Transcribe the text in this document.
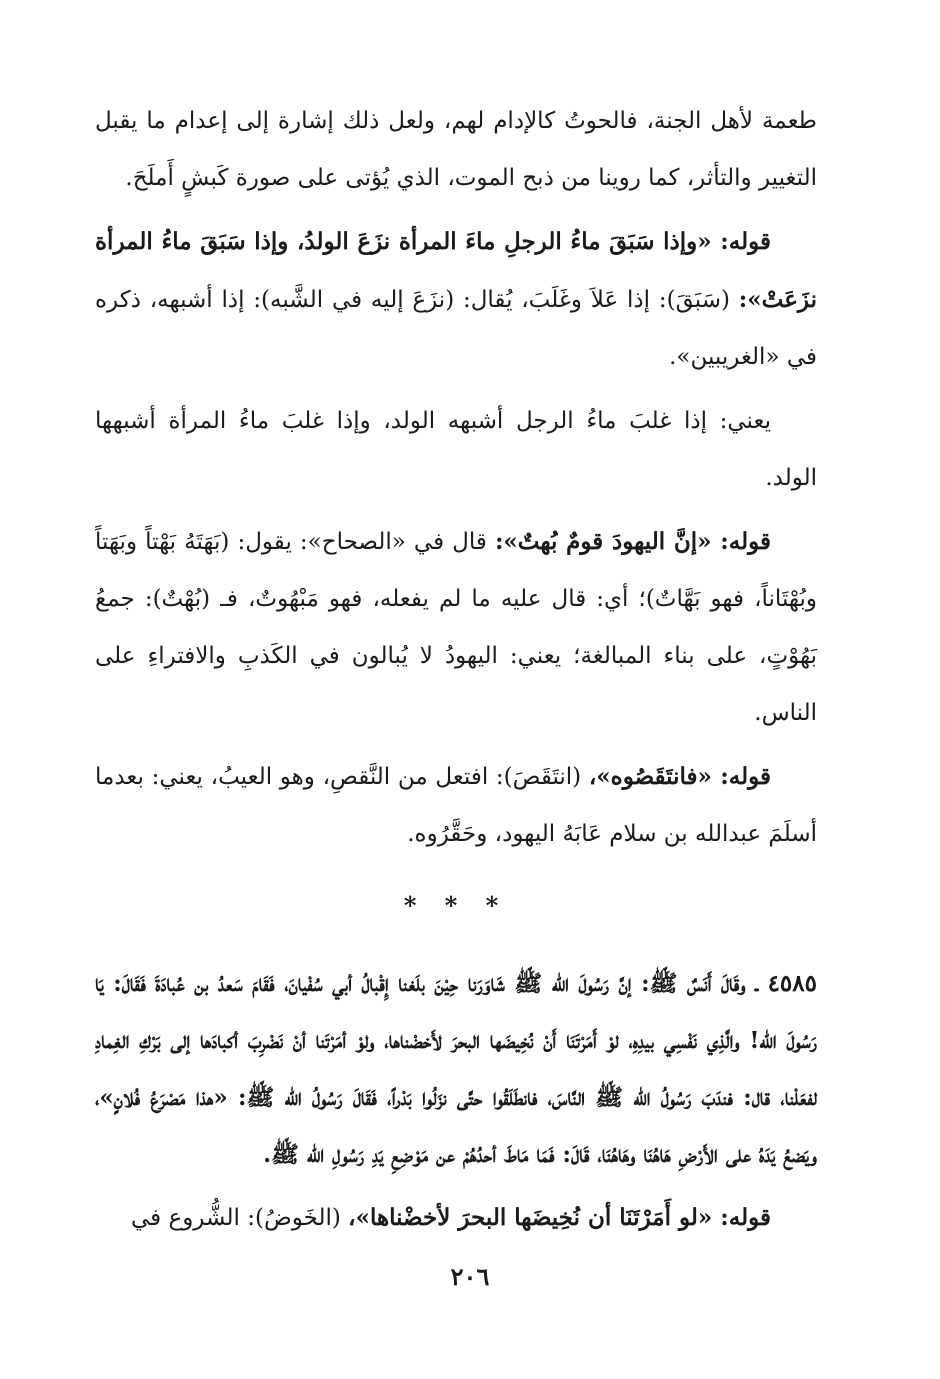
طعمة لأهل الجنة، فالحوتُ كالإدام لهم، ولعل ذلك إشارة إلى إعدام ما يقبل التغيير والتأثر، كما روينا من ذبح الموت، الذي يُؤتى على صورة كَبشٍ أَملَحَ.

قوله: «وإذا سَبَقَ ماءُ الرجلِ ماءَ المرأة نزَعَ الولدُ، وإذا سَبَقَ ماءُ المرأة نزَعَتْ»: (سَبَقَ): إذا عَلاَ وغَلَبَ، يُقال: (نزَعَ إليه في الشَّبه): إذا أشبهه، ذكره في «الغريبين».

يعني: إذا غلبَ ماءُ الرجل أشبهه الولد، وإذا غلبَ ماءُ المرأة أشبهها الولد.

قوله: «إنَّ اليهودَ قومٌ بُهتٌ»: قال في «الصحاح»: يقول: (بَهَتَهُ بَهْتاً وبَهَتاً وبُهْتَاناً، فهو بَهَّاتٌ)؛ أي: قال عليه ما لم يفعله، فهو مَبْهُوتٌ، فـ (بُهْتٌ): جمعُ بَهُوْتٍ، على بناء المبالغة؛ يعني: اليهودُ لا يُبالون في الكَذبِ والافتراءِ على الناس.

قوله: «فانتَقَصُوه»، (انتَقَصَ): افتعل من النَّقصِ، وهو العيبُ، يعني: بعدما أسلَمَ عبدالله بن سلام عَابَهُ اليهود، وحَقَّرُوه.

* * *

٤٥٨٥ ـ وقَالَ أَنَسٌ ﷺ: إنَّ رَسُولَ الله ﷺ شَاوَرَنا حِيْنَ بلَغنا إِقْبالُ أبي سُفْيانَ، فَقَامَ سَعدُ بن عُبادَةَ فَقَالَ: يَا رَسُولَ الله! والَّذِي نَفْسِي بيدِهِ، لوْ أَمَرْتَنَا أَنْ نُخِيضَها البحرَ لأَخضْناها، ولوْ أمَرْتَنا أنْ نَضْرِبَ أكبادَها إلى بَرْكِ الغِمادِ لفعَلْنا، قال: فندَبَ رَسُولُ الله ﷺ النَّاسَ، فانطَلَقُوا حتَّى نزَلُوا بَدْراً، فَقَالَ رَسُولُ الله ﷺ: «هذا مَصْرَعُ فُلانٍ»، ويَضعُ يَدَهُ على الأَرْضِ هَاهُنَا وهَاهُنَا، قَالَ: فَمَا مَاطَ أحدُهُمْ عن مَوْضِعِ يَدِ رَسُولِ الله ﷺ.

قوله: «لو أَمَرْتَنَا أن نُخِيضَها البحرَ لأخضْناها»، (الخَوضُ): الشُّروع في

٢٠٦
